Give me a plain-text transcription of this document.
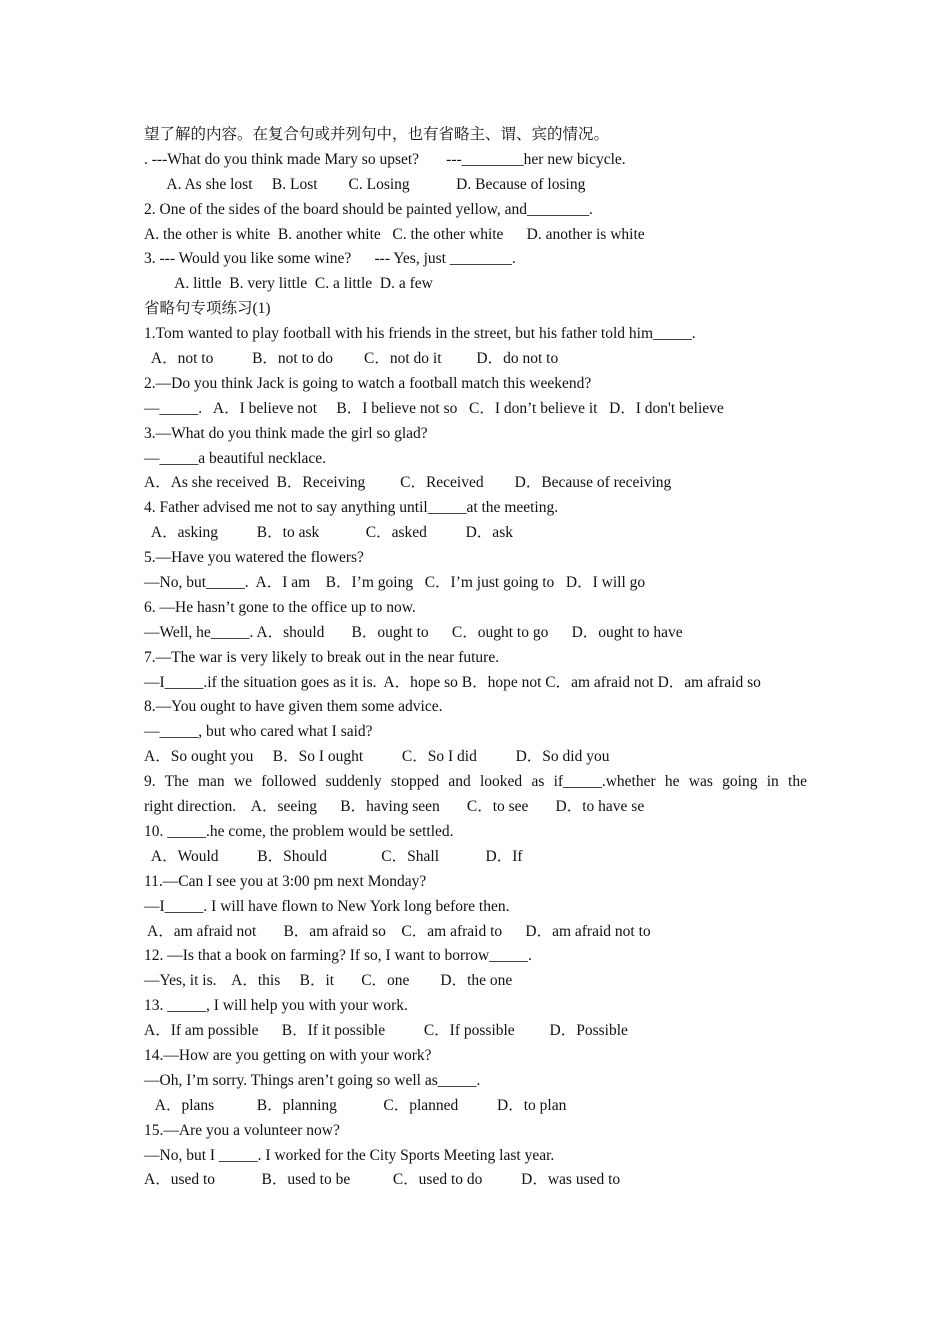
望了解的内容。在复合句或并列句中，也有省略主、谓、宾的情况。
. ---What do you think made Mary so upset?       ---________her new bicycle.
A. As she lost     B. Lost        C. Losing            D. Because of losing
2. One of the sides of the board should be painted yellow, and________.
A. the other is white  B. another white   C. the other white      D. another is white
3. --- Would you like some wine?      --- Yes, just ________.
A. little  B. very little  C. a little  D. a few
省略句专项练习(1)
1.Tom wanted to play football with his friends in the street, but his father told him_____.
A．not to          B．not to do        C．not do it         D．do not to
2.—Do you think Jack is going to watch a football match this weekend?
—_____.   A．I believe not     B．I believe not so   C．I don’t believe it   D．I don't believe
3.—What do you think made the girl so glad?
—_____a beautiful necklace.
A．As she received  B．Receiving         C．Received        D．Because of receiving
4. Father advised me not to say anything until_____at the meeting.
A．asking          B．to ask            C．asked          D．ask
5.—Have you watered the flowers?
—No, but_____.  A．I am    B．I’m going   C．I’m just going to   D．I will go
6. —He hasn’t gone to the office up to now.
—Well, he_____. A．should       B．ought to      C．ought to go      D．ought to have
7.—The war is very likely to break out in the near future.
—I_____.if the situation goes as it is.  A．hope so B．hope not C．am afraid not D．am afraid so
8.—You ought to have given them some advice.
—_____, but who cared what I said?
A．So ought you     B．So I ought          C．So I did          D．So did you
9. The man we followed suddenly stopped and looked as if_____.whether he was going in the
right direction.    A．seeing      B．having seen       C．to see       D．to have se
10. _____.he come, the problem would be settled.
A．Would          B．Should              C．Shall            D．If
11.—Can I see you at 3:00 pm next Monday?
—I_____. I will have flown to New York long before then.
A．am afraid not       B．am afraid so    C．am afraid to      D．am afraid not to
12. —Is that a book on farming? If so, I want to borrow_____.
—Yes, it is.    A．this     B．it       C．one        D．the one
13. _____, I will help you with your work.
A．If am possible      B．If it possible          C．If possible         D．Possible
14.—How are you getting on with your work?
—Oh, I’m sorry. Things aren’t going so well as_____.
A．plans           B．planning            C．planned          D．to plan
15.—Are you a volunteer now?
—No, but I _____. I worked for the City Sports Meeting last year.
A．used to            B．used to be           C．used to do          D．was used to
